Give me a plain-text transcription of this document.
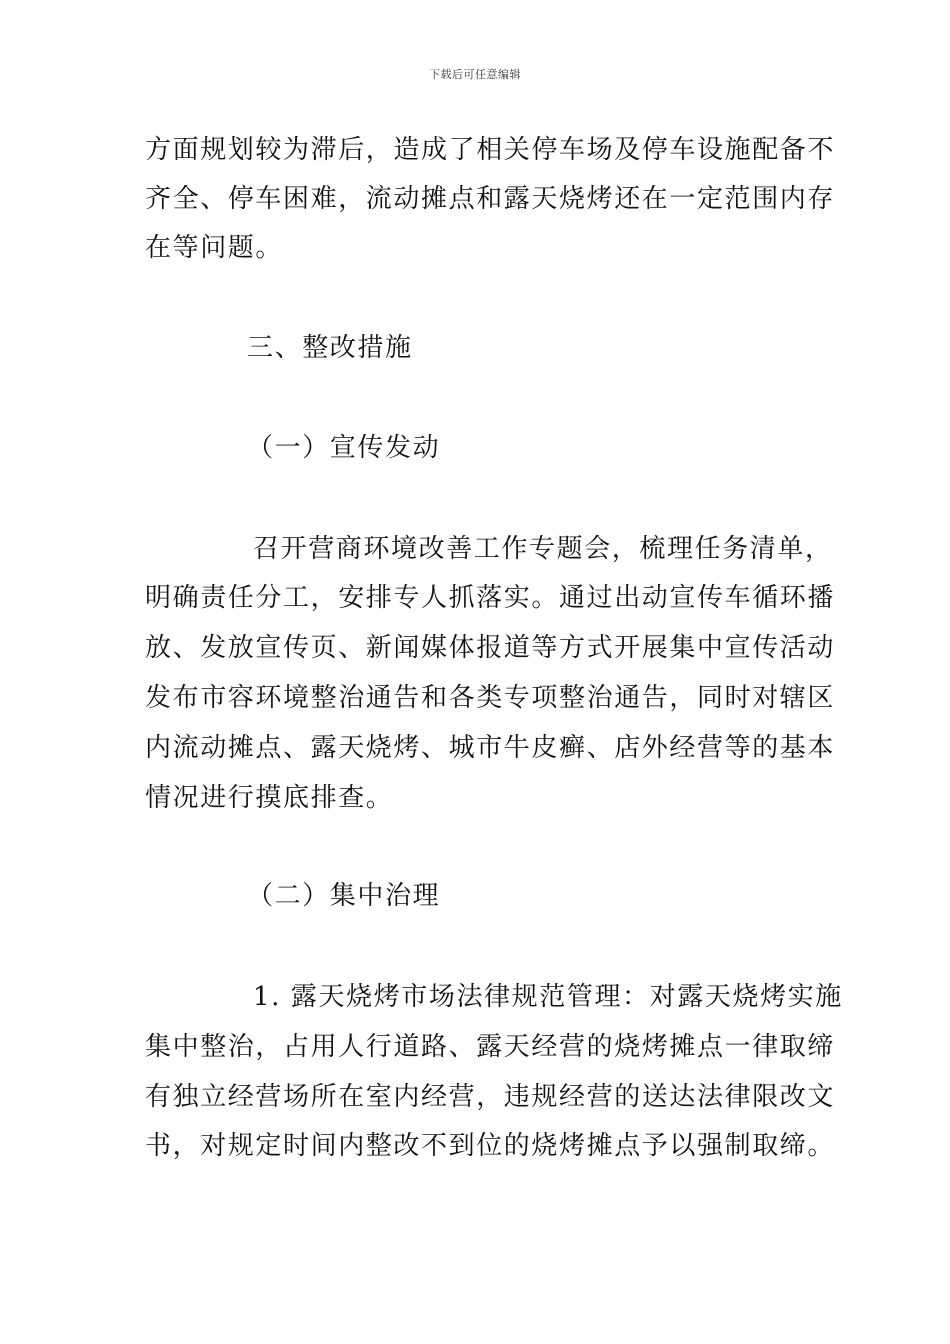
下载后可任意编辑
方面规划较为滞后，造成了相关停车场及停车设施配备不
齐全、停车困难，流动摊点和露天烧烤还在一定范围内存
在等问题。
三、整改措施
（一）宣传发动
召开营商环境改善工作专题会，梳理任务清单，
明确责任分工，安排专人抓落实。通过出动宣传车循环播
放、发放宣传页、新闻媒体报道等方式开展集中宣传活动
发布市容环境整治通告和各类专项整治通告，同时对辖区
内流动摊点、露天烧烤、城市牛皮癣、店外经营等的基本
情况进行摸底排查。
（二）集中治理
1. 露天烧烤市场法律规范管理：对露天烧烤实施
集中整治，占用人行道路、露天经营的烧烤摊点一律取缔
有独立经营场所在室内经营，违规经营的送达法律限改文
书，对规定时间内整改不到位的烧烤摊点予以强制取缔。
